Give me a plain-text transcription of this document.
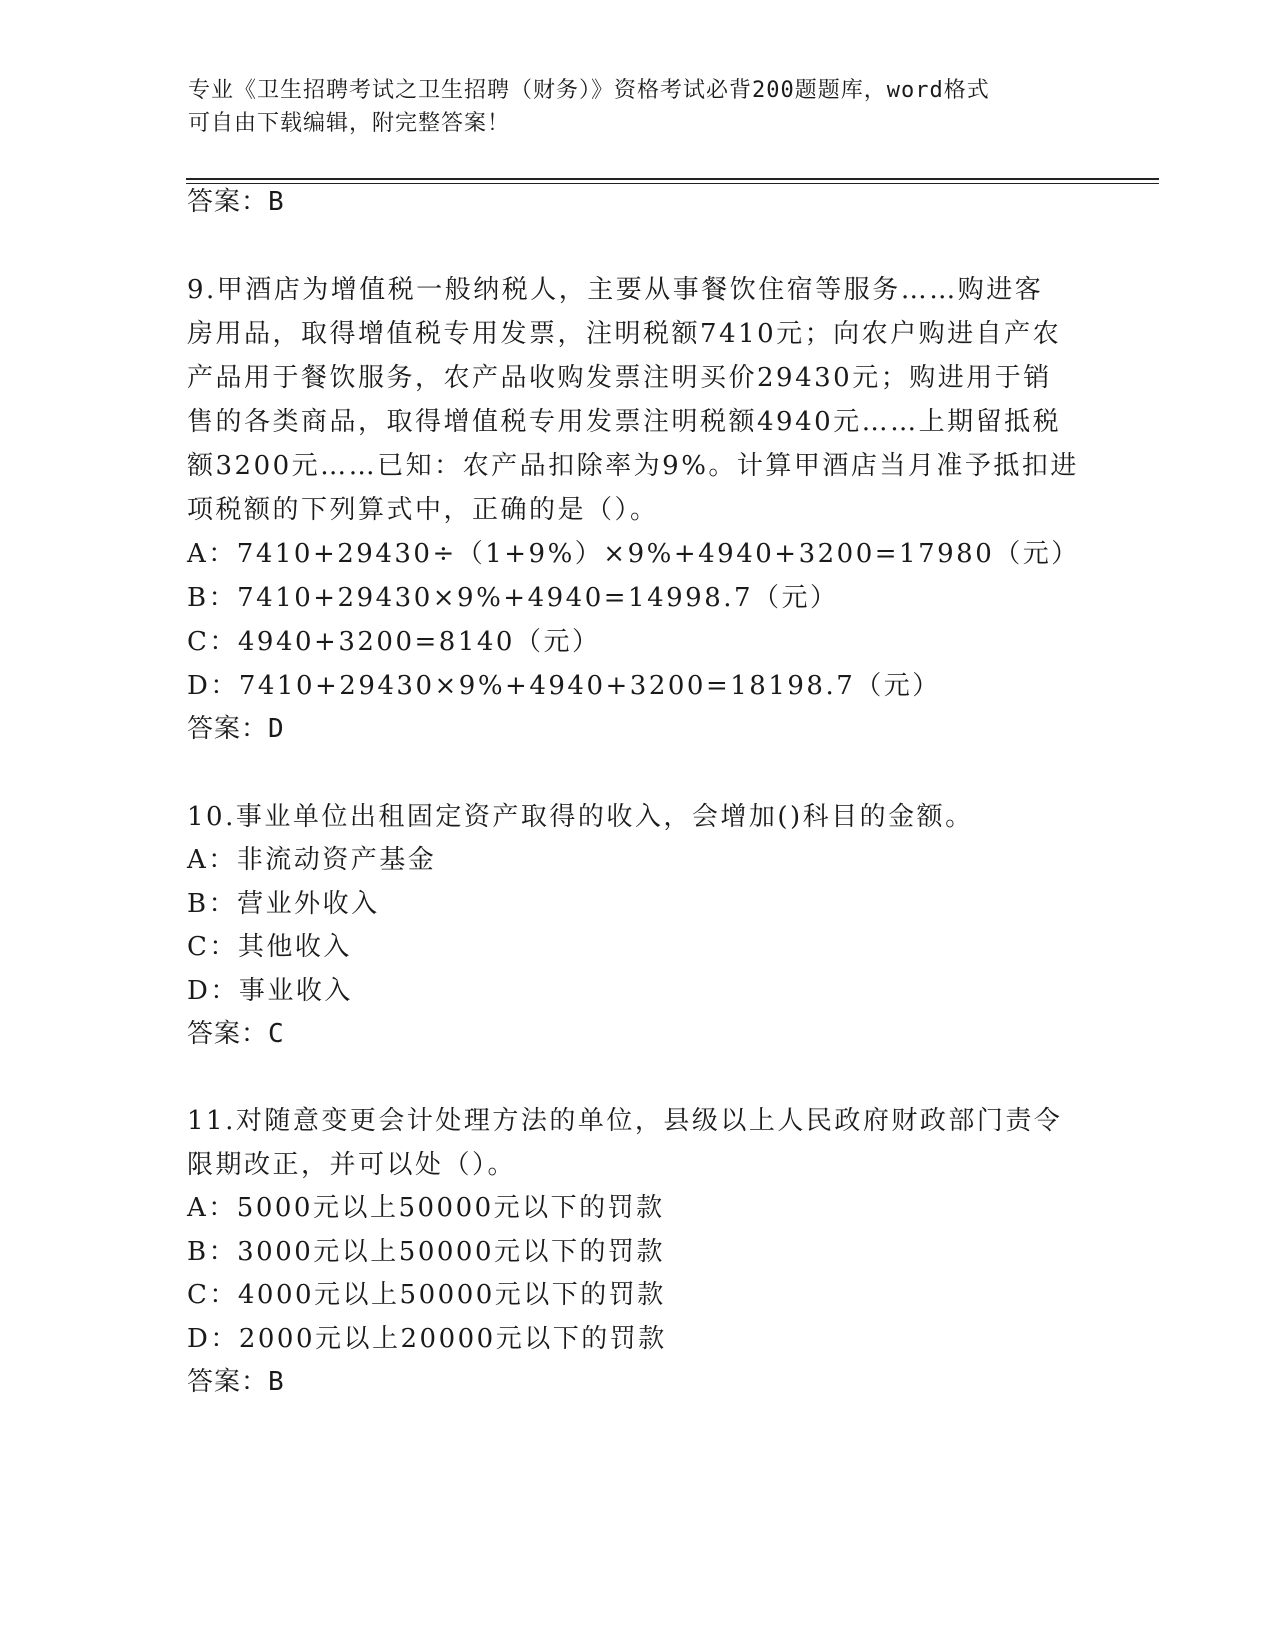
专业《卫生招聘考试之卫生招聘（财务）》资格考试必背200题题库，word格式
可自由下载编辑，附完整答案！
答案：B
9.甲酒店为增值税一般纳税人，主要从事餐饮住宿等服务……购进客
房用品，取得增值税专用发票，注明税额7410元；向农户购进自产农
产品用于餐饮服务，农产品收购发票注明买价29430元；购进用于销
售的各类商品，取得增值税专用发票注明税额4940元……上期留抵税
额3200元……已知：农产品扣除率为9%。计算甲酒店当月准予抵扣进
项税额的下列算式中，正确的是（）。
A：7410+29430÷（1+9%）×9%+4940+3200=17980（元）
B：7410+29430×9%+4940=14998.7（元）
C：4940+3200=8140（元）
D：7410+29430×9%+4940+3200=18198.7（元）
答案：D
10.事业单位出租固定资产取得的收入，会增加()科目的金额。
A：非流动资产基金
B：营业外收入
C：其他收入
D：事业收入
答案：C
11.对随意变更会计处理方法的单位，县级以上人民政府财政部门责令
限期改正，并可以处（）。
A：5000元以上50000元以下的罚款
B：3000元以上50000元以下的罚款
C：4000元以上50000元以下的罚款
D：2000元以上20000元以下的罚款
答案：B
